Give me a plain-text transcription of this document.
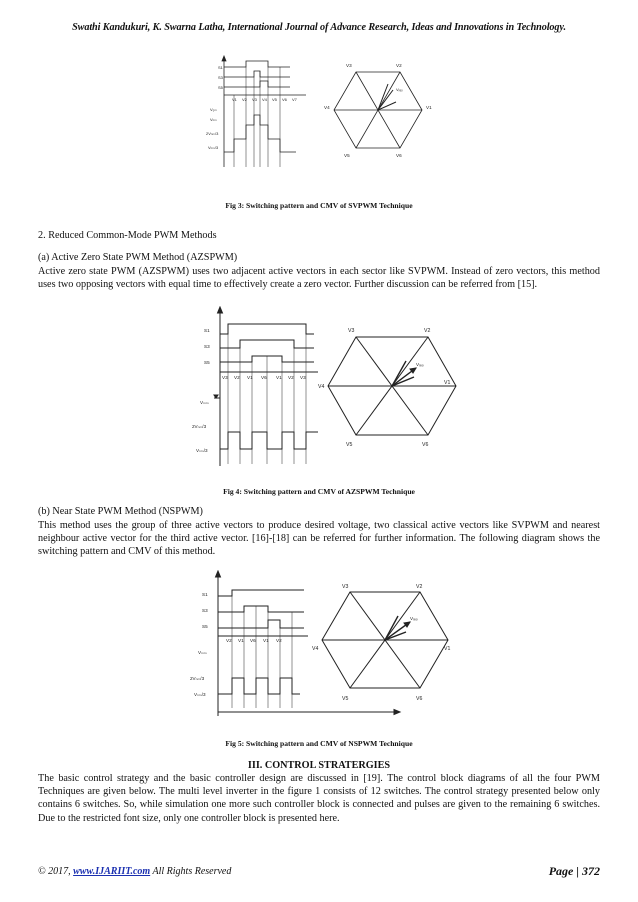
Swathi Kandukuri, K. Swarna Latha, International Journal of Advance Research, Ideas and Innovations in Technology.
S1
S3
S5
V1 V2 V3 V4 V5 V6 V7
V₀ₘ
Vₙₘ
2Vₙₘ/3
Vₙₘ/3
V3	V2
V4	V1
V5	V6
Vᵣₑₒ
Fig 3: Switching pattern and CMV of SVPWM Technique
2. Reduced Common-Mode PWM Methods
(a) Active Zero State PWM Method (AZSPWM)
Active zero state PWM (AZSPWM) uses two adjacent active vectors in each sector like SVPWM. Instead of zero vectors, this method uses two opposing vectors with equal time to effectively create a zero vector. Further discussion can be referred from [15].
S1
S3
S5
V3 V2 V1 V6 V1 V2 V3
Vₘₘ
2Vₙₘ/3
Vₙₘ/3
V3	V2
V4
V1
V5	V6
Vᵣₑₒ
Fig 4: Switching pattern and CMV of AZSPWM Technique
(b) Near State PWM Method (NSPWM)
This method uses the group of three active vectors to produce desired voltage, two classical active vectors like SVPWM and nearest neighbour active vector for the third active vector. [16]-[18] can be referred for further information. The following diagram shows the switching pattern and CMV of this method.
S1
S3
S5
V2 V1 V6 V1 V2
Vₘₘ
2Vₙₘ/3
Vₙₘ/3
V3	V2
V4	V1
V5	V6
Vᵣₑₒ
Fig 5: Switching pattern and CMV of NSPWM Technique
III. CONTROL STRATERGIES
The basic control strategy and the basic controller design are discussed in [19]. The control block diagrams of all the four PWM Techniques are given below. The multi level inverter in the figure 1 consists of 12 switches. The control strategy presented below only contains 6 switches. So, while simulation one more such controller block is connected and pulses are given to the remaining 6 switches. Due to the restricted font size, only one controller block is presented here.
© 2017, www.IJARIIT.com All Rights Reserved	Page | 372
